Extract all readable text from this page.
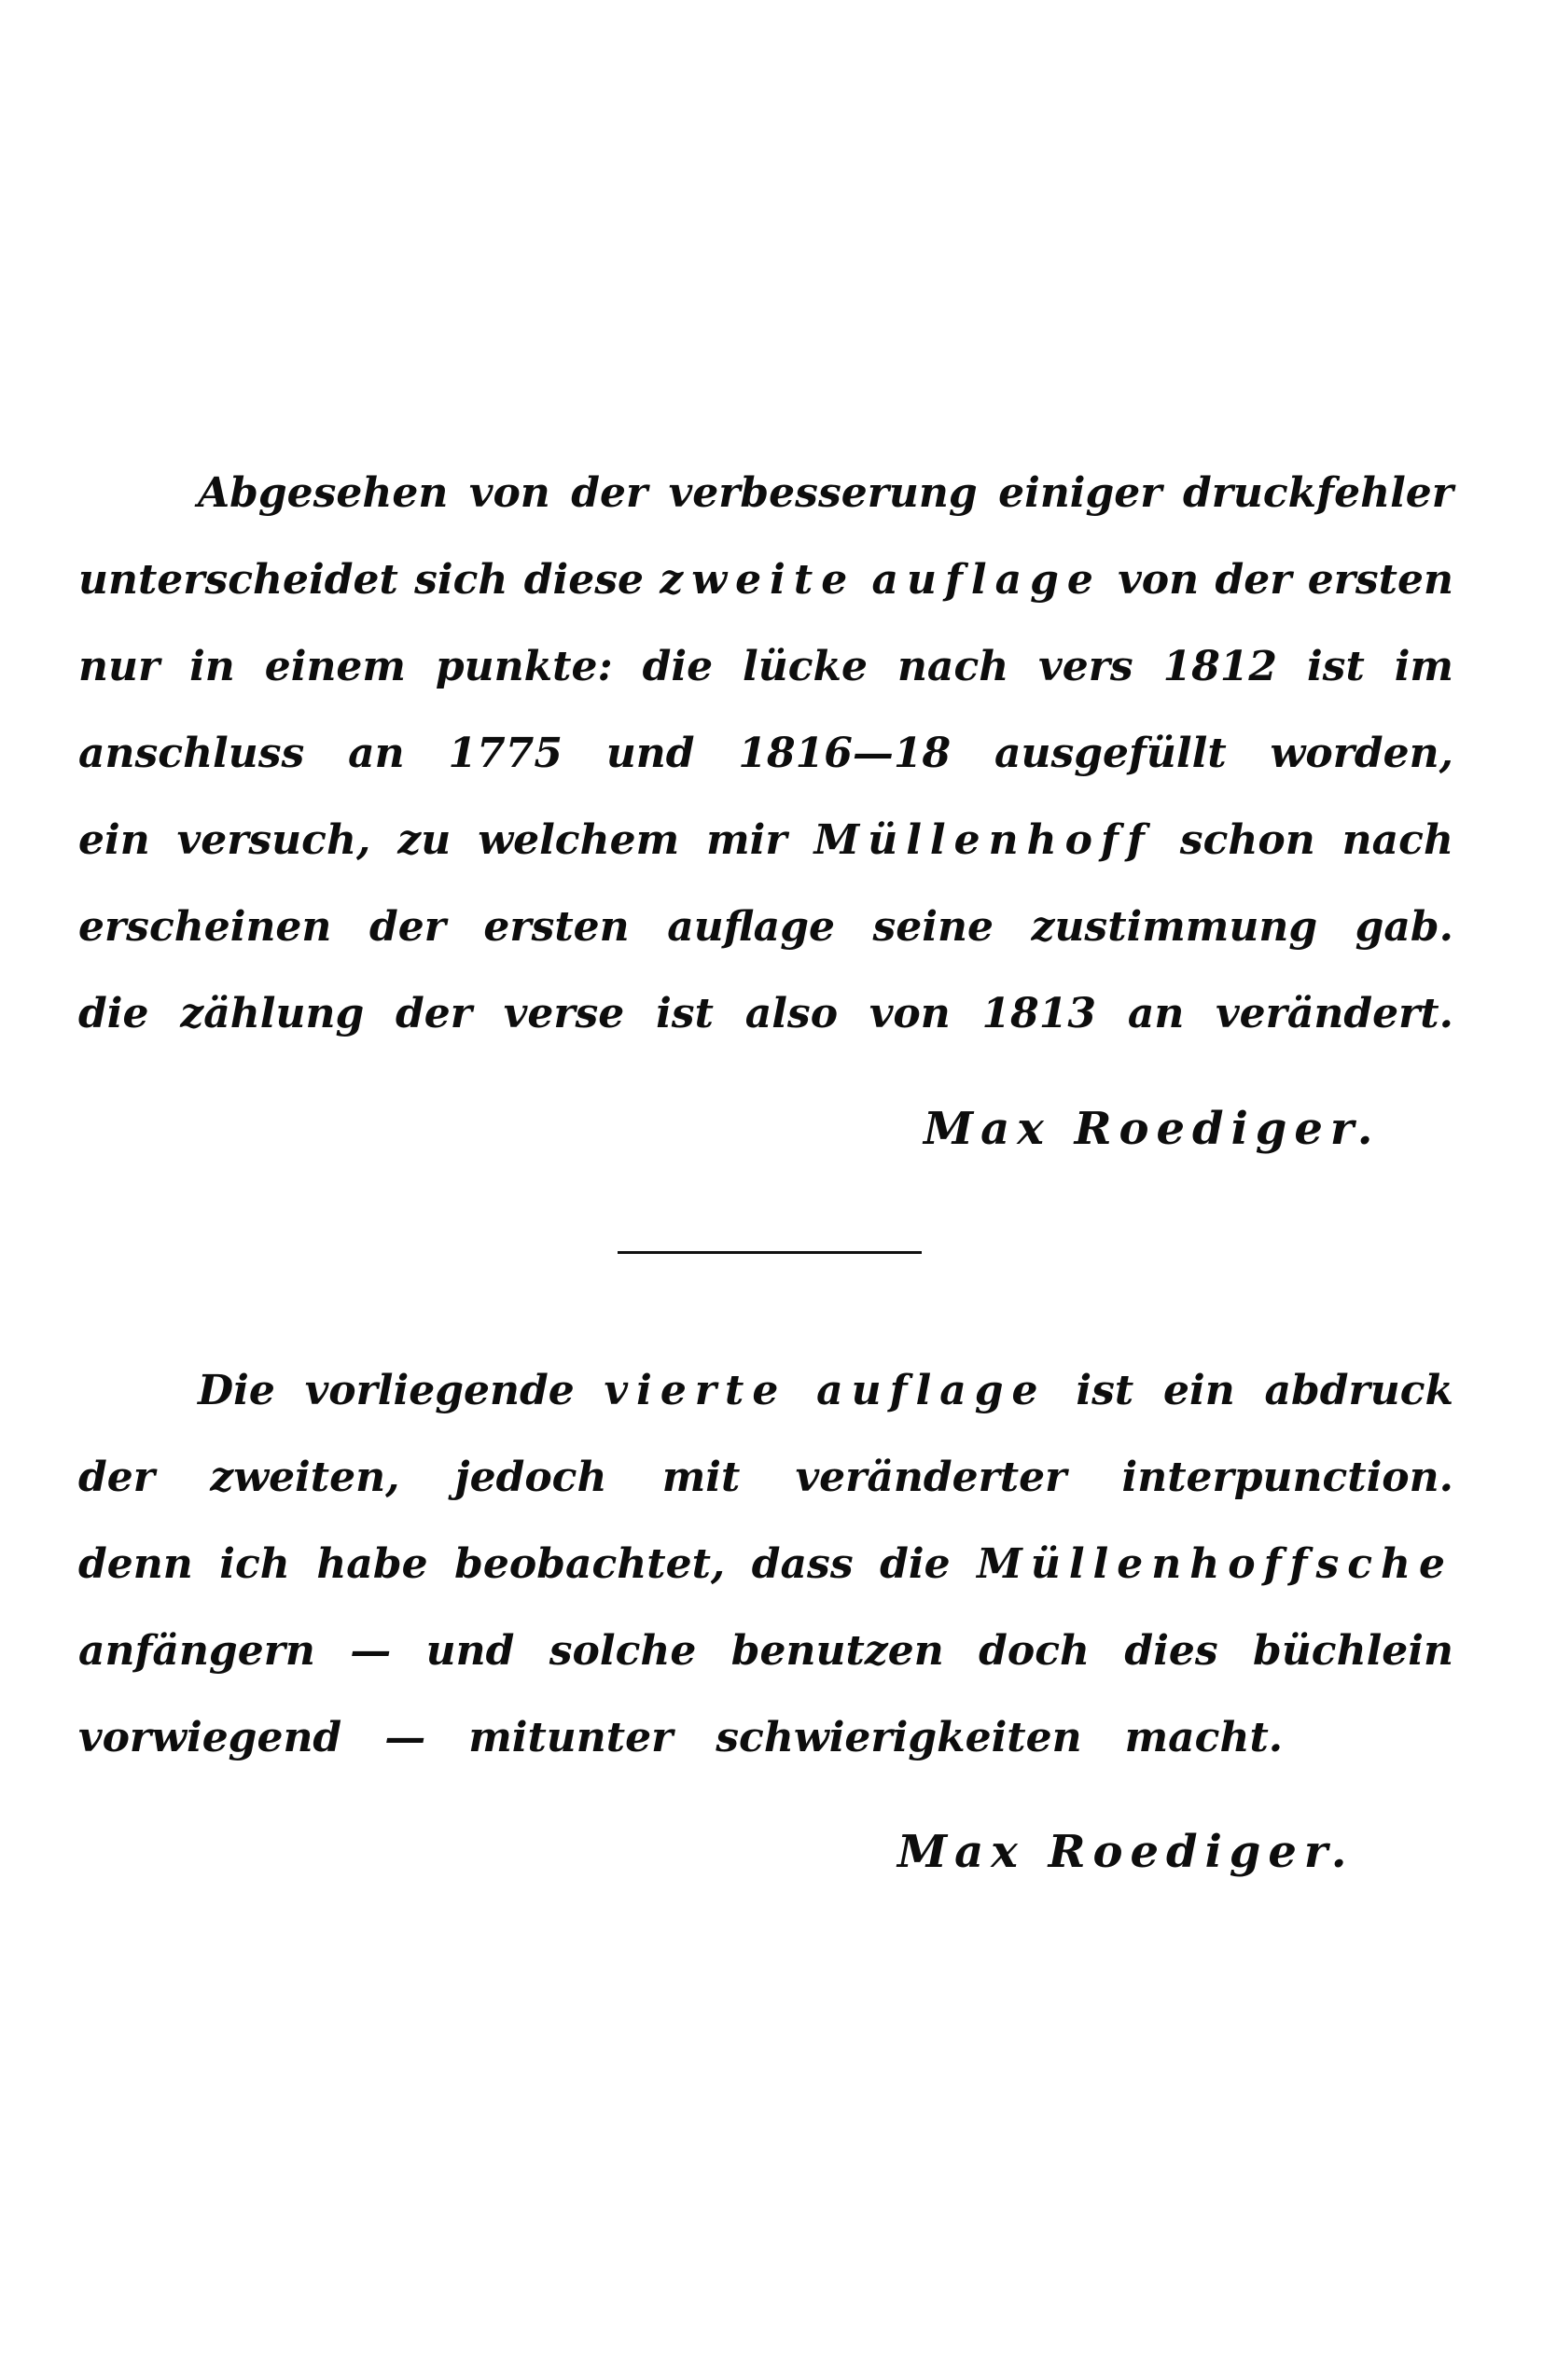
Abgesehen von der verbesserung einiger druckfehler
unterscheidet sich diese zweite auflage von der ersten
nur in einem punkte: die lücke nach vers 1812 ist im
anschluss an 1775 und 1816—18 ausgefüllt worden,
ein versuch, zu welchem mir Müllenhoff schon nach
erscheinen der ersten auflage seine zustimmung gab.
die zählung der verse ist also von 1813 an verändert.
Max Roediger.
Die vorliegende vierte auflage ist ein abdruck
der zweiten, jedoch mit veränderter interpunction.
denn ich habe beobachtet, dass die Müllenhoffsche
anfängern — und solche benutzen doch dies büchlein
vorwiegend — mitunter schwierigkeiten macht.
Max Roediger.
